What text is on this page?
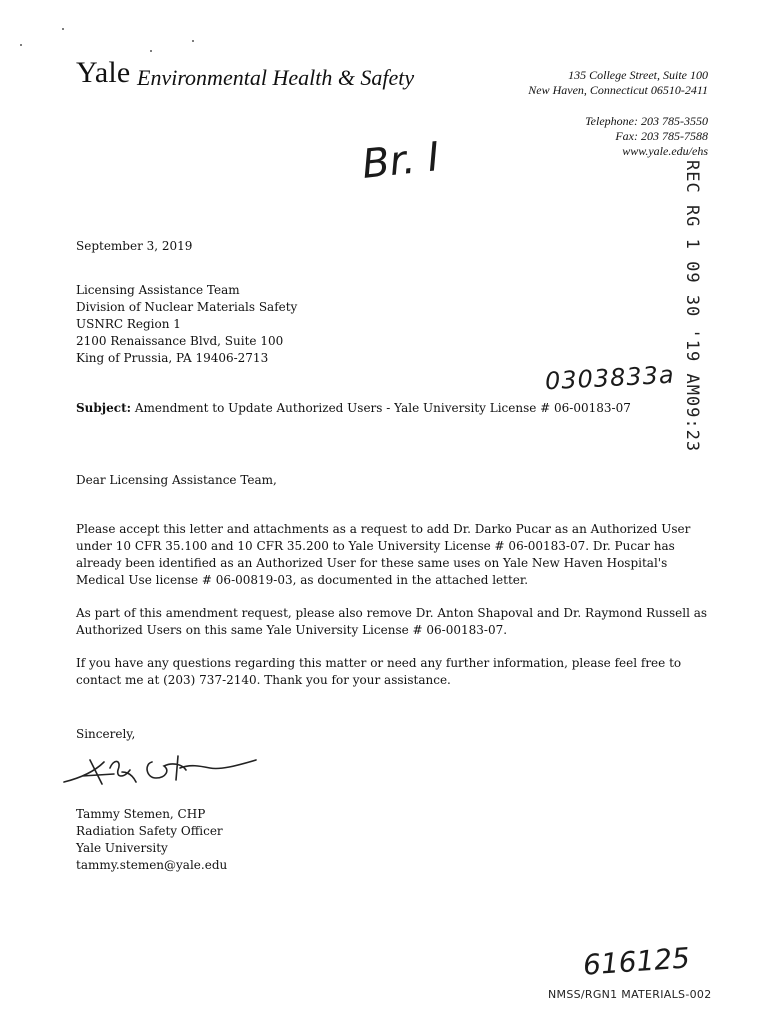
Yale Environmental Health & Safety	135 College Street, Suite 100
New Haven, Connecticut 06510-2411
Telephone: 203 785-3550
Fax: 203 785-7588
www.yale.edu/ehs
Br. I
0303833a
616125
REC RG 1 09 30 '19 AM09:23
September 3, 2019
Licensing Assistance Team
Division of Nuclear Materials Safety
USNRC Region 1
2100 Renaissance Blvd, Suite 100
King of Prussia, PA 19406-2713
Subject: Amendment to Update Authorized Users - Yale University License # 06-00183-07
Dear Licensing Assistance Team,
Please accept this letter and attachments as a request to add Dr. Darko Pucar as an Authorized User
under 10 CFR 35.100 and 10 CFR 35.200 to Yale University License # 06-00183-07. Dr. Pucar has
already been identified as an Authorized User for these same uses on Yale New Haven Hospital's
Medical Use license # 06-00819-03, as documented in the attached letter.
As part of this amendment request, please also remove Dr. Anton Shapoval and Dr. Raymond Russell as
Authorized Users on this same Yale University License # 06-00183-07.
If you have any questions regarding this matter or need any further information, please feel free to
contact me at (203) 737-2140. Thank you for your assistance.
Sincerely,
Tammy Stemen, CHP
Radiation Safety Officer
Yale University
tammy.stemen@yale.edu
NMSS/RGN1 MATERIALS-002
